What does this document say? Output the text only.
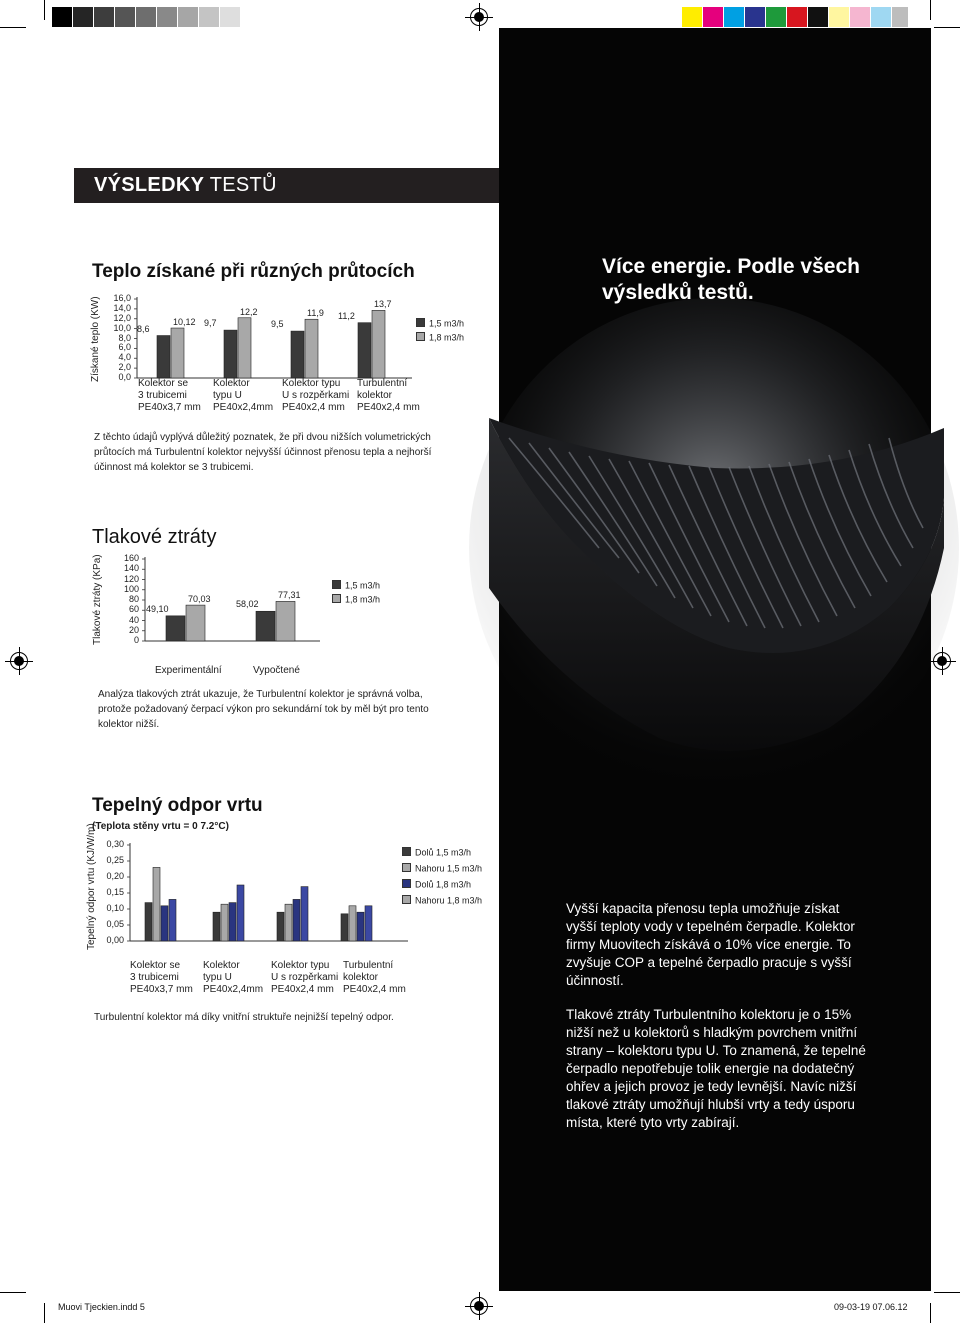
Více energie. Podle všech výsledků testů.
Vyšší kapacita přenosu tepla umožňuje získat vyšší teploty vody v tepelném čerpadle. Kolektor firmy Muovitech získává o 10% více energie. To zvyšuje COP a tepelné čerpadlo pracuje s vyšší účinností.
Tlakové ztráty Turbulentního kolektoru je o 15% nižší než u kolektorů s hladkým povrchem vnitřní strany – kolektoru typu U. To znamená, že tepelné čerpadlo nepotřebuje tolik energie na dodatečný ohřev a jejich provoz je tedy levnější. Navíc nižší tlakové ztráty umožňují hlubší vrty a tedy úsporu místa, které tyto vrty zabírají.
VÝSLEDKY TESTŮ
Teplo získané při různých průtocích
Získané teplo (KW)
Z těchto údajů vyplývá důležitý poznatek, že při dvou nižších volumetrických průtocích má Turbulentní kolektor nejvyšší účinnost přenosu tepla a nejhorší účinnost má kolektor se 3 trubicemi.
Tlakové ztráty
Tlakové ztráty (KPa)
Analýza tlakových ztrát ukazuje, že Turbulentní kolektor je správná volba, protože požadovaný čerpací výkon pro sekundární tok by měl být pro tento kolektor nižší.
Tepelný odpor vrtu
(Teplota stěny vrtu = 0 7.2°C)
Tepelný odpor vrtu (KJ/W/m)
Turbulentní kolektor má díky vnitřní struktuře nejnižší tepelný odpor.
Muovi Tjeckien.indd 5	09-03-19 07.06.12
16,0
14,0
12,0
10,0
8,0
6,0
4,0
2,0
0,0
8,6
10,12
Kolektor se
3 trubicemi
PE40x3,7 mm
9,7
12,2
Kolektor
typu U
PE40x2,4mm
9,5
11,9
Kolektor typu
U s rozpěrkami
PE40x2,4 mm
11,2
13,7
Turbulentní
kolektor
PE40x2,4 mm
1,5 m3/h
1,8 m3/h
160
140
120
100
80
60
40
20
0
49,10
70,03
Experimentální
58,02
77,31
Vypočtené
1,5 m3/h
1,8 m3/h
0,30
0,25
0,20
0,15
0,10
0,05
0,00
Kolektor se
3 trubicemi
PE40x3,7 mm
Kolektor
typu U
PE40x2,4mm
Kolektor typu
U s rozpěrkami
PE40x2,4 mm
Turbulentní
kolektor
PE40x2,4 mm
Dolů 1,5 m3/h
Nahoru 1,5 m3/h
Dolů 1,8 m3/h
Nahoru 1,8 m3/h
